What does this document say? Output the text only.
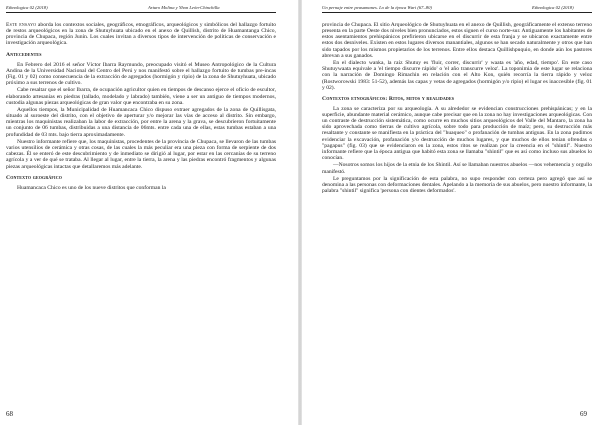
Ethnologica 02 (2018)	Arturo Molina y Yhon León-Chinchilla

Este ensayo aborda los contextos sociales, geográficos, etnográficos, arqueológicos y simbólicos del hallazgo fortuito de restos arqueológicos en la zona de Shutuyhuata ubicado en el anexo de Quillish, distrito de Huamantanga Chico, provincia de Chupaca, región Junín. Los cuales invitan a diversos tipos de intervención de políticas de conservación e investigación arqueológica.

Antecedentes

En Febrero del 2016 el señor Víctor Ibarra Raymundo, preocupado visitó el Museo Antropológico de la Cultura Andina de la Universidad Nacional del Centro del Perú y nos manifestó sobre el hallazgo fortuito de tumbas pre-incas (Fig. 01 y 02) como consecuencia de la extracción de agregados (hormigón y ripio) de la zona de Shutuyhuata, ubicado próximo a sus terrenos de cultivo.

Cabe resaltar que el señor Ibarra, de ocupación agricultor quien en tiempos de descanso ejerce el oficio de escultor, elaborando artesanías en piedras (tallado, modelado y labrado) también, viene a ser un antiguo de tiempos modernos, custodia algunas piezas arqueológicas de gran valor que encontraba en su zona.

Aquellos tiempos, la Municipalidad de Huamancaca Chico dispuso extraer agregados de la zona de Quillisgata, situado al suroeste del distrito, con el objetivo de aperturar y/o mejorar las vías de acceso al distrito. Sin embargo, mientras los maquinistas realizaban la labor de extracción, por entre la arena y la grava, se descubrieron fortuitamente un conjunto de 06 tumbas, distribuidas a una distancia de 06mts. entre cada una de ellas, estas tumbas estaban a una profundidad de 03 mts. bajo tierra aproximadamente.

Nuestro informante refiere que, los maquinistas, procedentes de la provincia de Chupaca, se llevaron de las tumbas varios utensilios de cerámica y otras cosas, de las cuales la más peculiar era una pieza con forma de serpiente de dos cabezas. Él se enteró de este descubrimiento y de inmediato se dirigió al lugar, por estar en las cercanías de su terreno agrícola y a ver de qué se trataba. Al llegar al lugar, entre la tierra, la arena y las piedras encontró fragmentos y algunas piezas arqueológicas intactas que detallaremos más adelante.

Contexto geográfico

Huamancaca Chico es uno de los nueve distritos que conforman la

68
Un pernaje entre peasamanes. Lo de la época Wari (67–80)	Ethnologica 02 (2018)

provincia de Chupaca. El sitio Arqueológico de Shutuyhuata en el anexo de Quillish, geográficamente el extenso terreno presenta en la parte Oeste dos niveles bien pronunciados, estos siguen el curso norte-sur. Antiguamente los habitantes de estos asentamientos prehispánicos prefirieron ubicarse en el discurrir de esta franja y se ubicaron exactamente entre estos dos desniveles. Existen en estos lugares diversos manantiales, algunos se han secado naturalmente y otros que han sido tapados por los mismos propietarios de los terrenos. Entre ellos destaca Quillishpuquio, en donde aún los pastores abrevan a sus ganados.

En el dialecto wanka, la raíz Shutuy es 'fluir, correr, discurrir' y waata es 'año, edad, tiempo'. En este caso Shutuywaata equivale a 'el tiempo discurre rápido' o 'el año transcurre veloz'. La toponimia de este lugar se relaciona con la narración de Domingo Rimachin en relación con el Alto Kon, quién recorría la tierra rápido y veloz (Rostworowski 1983: 51-52), además las capas y vetas de agregados (hormigón y/o ripio) el lugar es inaccesible (fig. 01 y 02).

Contextos etnográficos: Ritos, mitos y realidades

La zona se caracteriza por su arqueología. A su alrededor se evidencian construcciones prehispánicas; y en la superficie, abundante material cerámico, aunque cabe precisar que en la zona no hay investigaciones arqueológicas. Con un contraste de destrucción sistemática, como ocurre en muchos sitios arqueológicos del Valle del Mantaro, la zona ha sido aprovechada como tierras de cultivo agrícola, sobre todo para producción de maíz; pero, su destrucción más resaltante y constante se manifiesta en la práctica del "huaqueo" o profanación de tumbas antiguas. En la zona pudimos evidenciar la excavación, profanación y/o destrucción de muchos lugares, y que muchos de ellos tenían ofrendas o "pagapus" (fig. 03) que se evidenciaron en la zona, estos ritos se realizan por la creencia en el "shintil". Nuestro informante refiere que la época antigua que habitó esta zona se llamaba "shintil" que es así como incluso sus abuelos lo conocían.

—Nosotros somos los hijos de la etnia de los Shintil. Así se llamaban nuestros abuelos —nos vehemencia y orgullo manifestó.

Le preguntamos por la significación de esta palabra, no supo responder con certeza pero agregó que así se denomina a las personas con deformaciones dentales. Apelando a la memoria de sus abuelos, pero nuestro informante, la palabra "shintil" significa 'persona con dientes deformados'.

69
